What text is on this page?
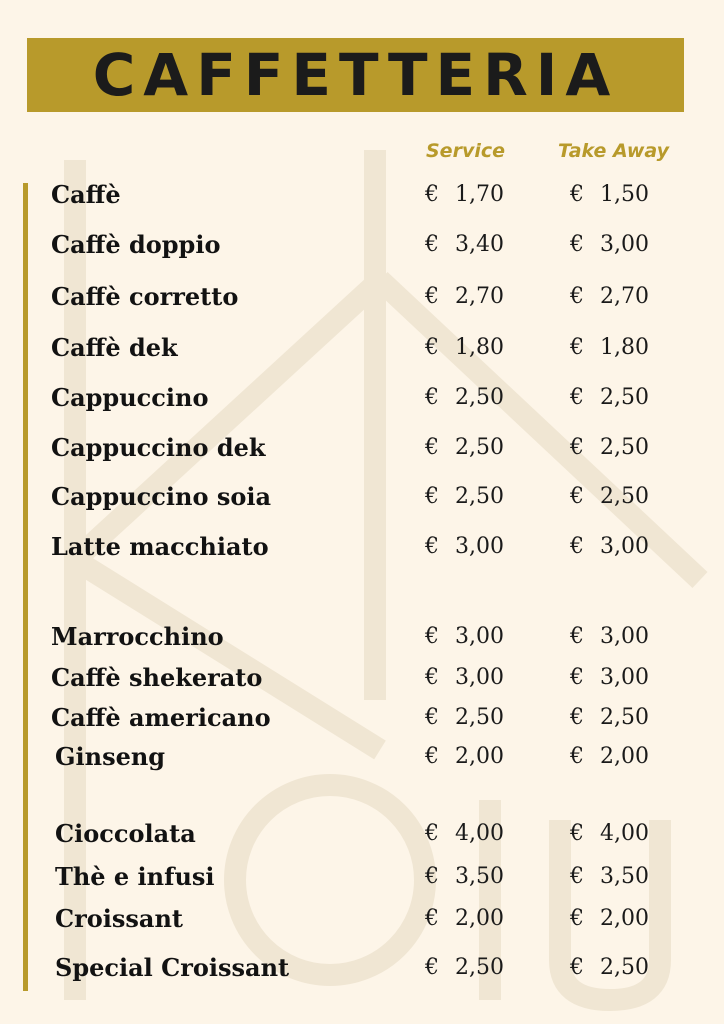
CAFFETTERIA
Service	Take Away
Caffè	€ 1,70	€ 1,50
Caffè doppio	€ 3,40	€ 3,00
Caffè corretto	€ 2,70	€ 2,70
Caffè dek	€ 1,80	€ 1,80
Cappuccino	€ 2,50	€ 2,50
Cappuccino dek	€ 2,50	€ 2,50
Cappuccino soia	€ 2,50	€ 2,50
Latte macchiato	€ 3,00	€ 3,00
Marrocchino	€ 3,00	€ 3,00
Caffè shekerato	€ 3,00	€ 3,00
Caffè americano	€ 2,50	€ 2,50
Ginseng	€ 2,00	€ 2,00
Cioccolata	€ 4,00	€ 4,00
Thè e infusi	€ 3,50	€ 3,50
Croissant	€ 2,00	€ 2,00
Special Croissant	€ 2,50	€ 2,50
